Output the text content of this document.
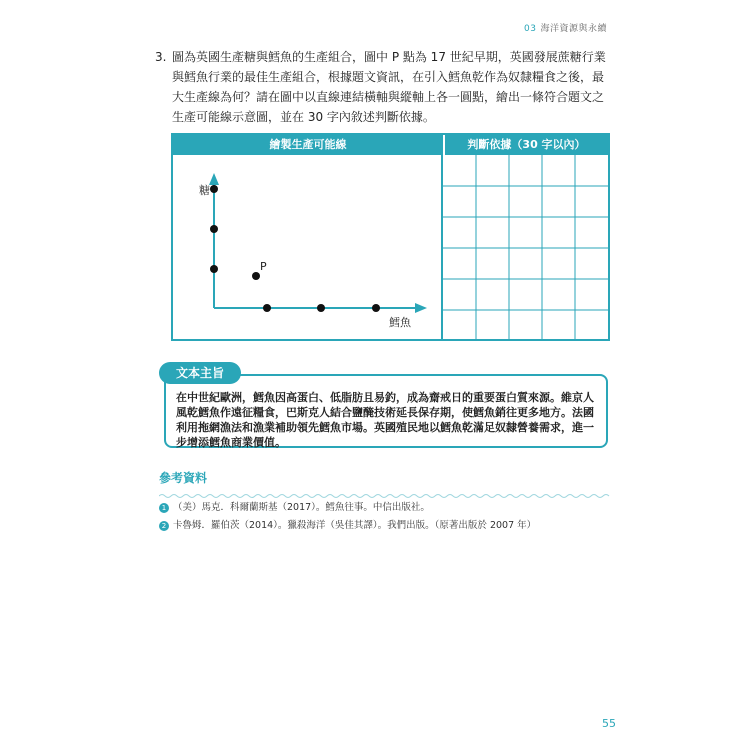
03 海洋資源與永續
3. 圖為英國生產糖與鱈魚的生產組合，圖中 P 點為 17 世紀早期，英國發展蔗糖行業與鱈魚行業的最佳生產組合，根據題文資訊，在引入鱈魚乾作為奴隸糧食之後，最大生產線為何？請在圖中以直線連結橫軸與縱軸上各一圓點，繪出一條符合題文之生產可能線示意圖，並在 30 字內敘述判斷依據。
繪製生產可能線	判斷依據（30 字以內）
糖
鱈魚
P
在中世紀歐洲，鱈魚因高蛋白、低脂肪且易釣，成為齋戒日的重要蛋白質來源。維京人風乾鱈魚作遠征糧食，巴斯克人結合鹽醃技術延長保存期，使鱈魚銷往更多地方。法國利用拖網漁法和漁業補助領先鱈魚市場。英國殖民地以鱈魚乾滿足奴隸營養需求，進一步增添鱈魚商業價值。
文本主旨
參考資料
1 （美）馬克．科爾蘭斯基（2017）。鱈魚往事。中信出版社。
2 卡魯姆．羅伯茨（2014）。獵殺海洋（吳佳其譯）。我們出版。（原著出版於 2007 年）
55
